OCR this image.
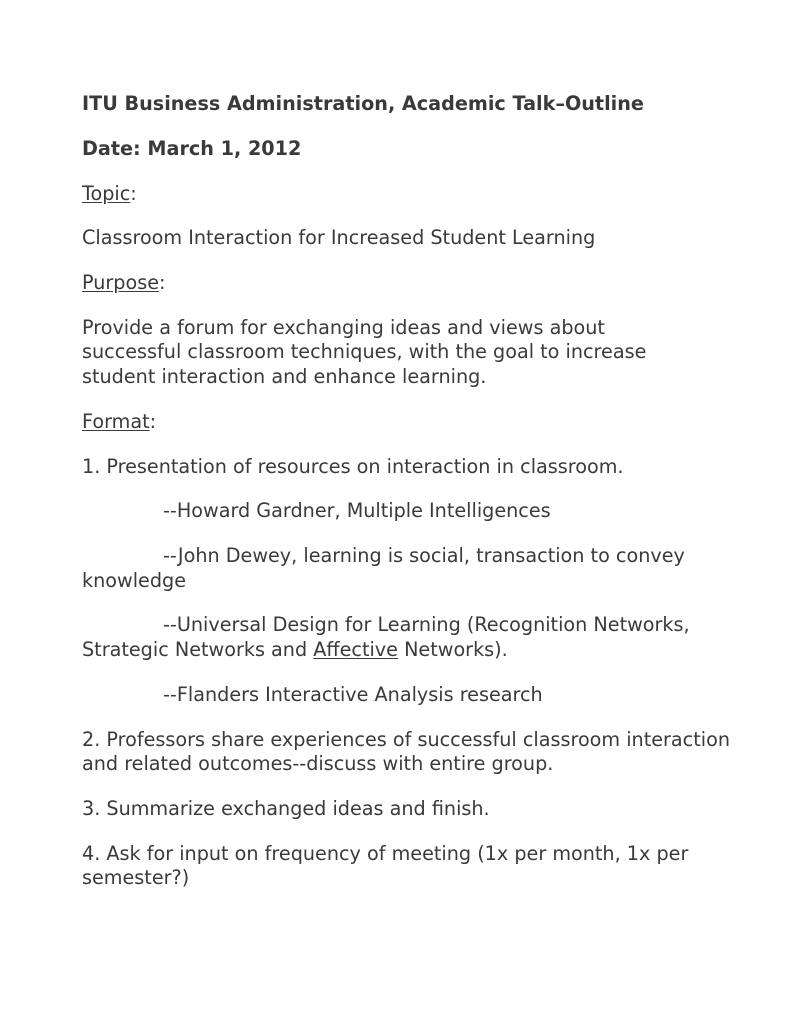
ITU Business Administration, Academic Talk–Outline

Date: March 1, 2012

Topic:

Classroom Interaction for Increased Student Learning

Purpose:

Provide a forum for exchanging ideas and views about successful classroom techniques, with the goal to increase student interaction and enhance learning.

Format:

1. Presentation of resources on interaction in classroom.

--Howard Gardner, Multiple Intelligences

--John Dewey, learning is social, transaction to convey knowledge

--Universal Design for Learning (Recognition Networks, Strategic Networks and Affective Networks).

--Flanders Interactive Analysis research

2. Professors share experiences of successful classroom interaction and related outcomes--discuss with entire group.

3. Summarize exchanged ideas and finish.

4. Ask for input on frequency of meeting (1x per month, 1x per semester?)
